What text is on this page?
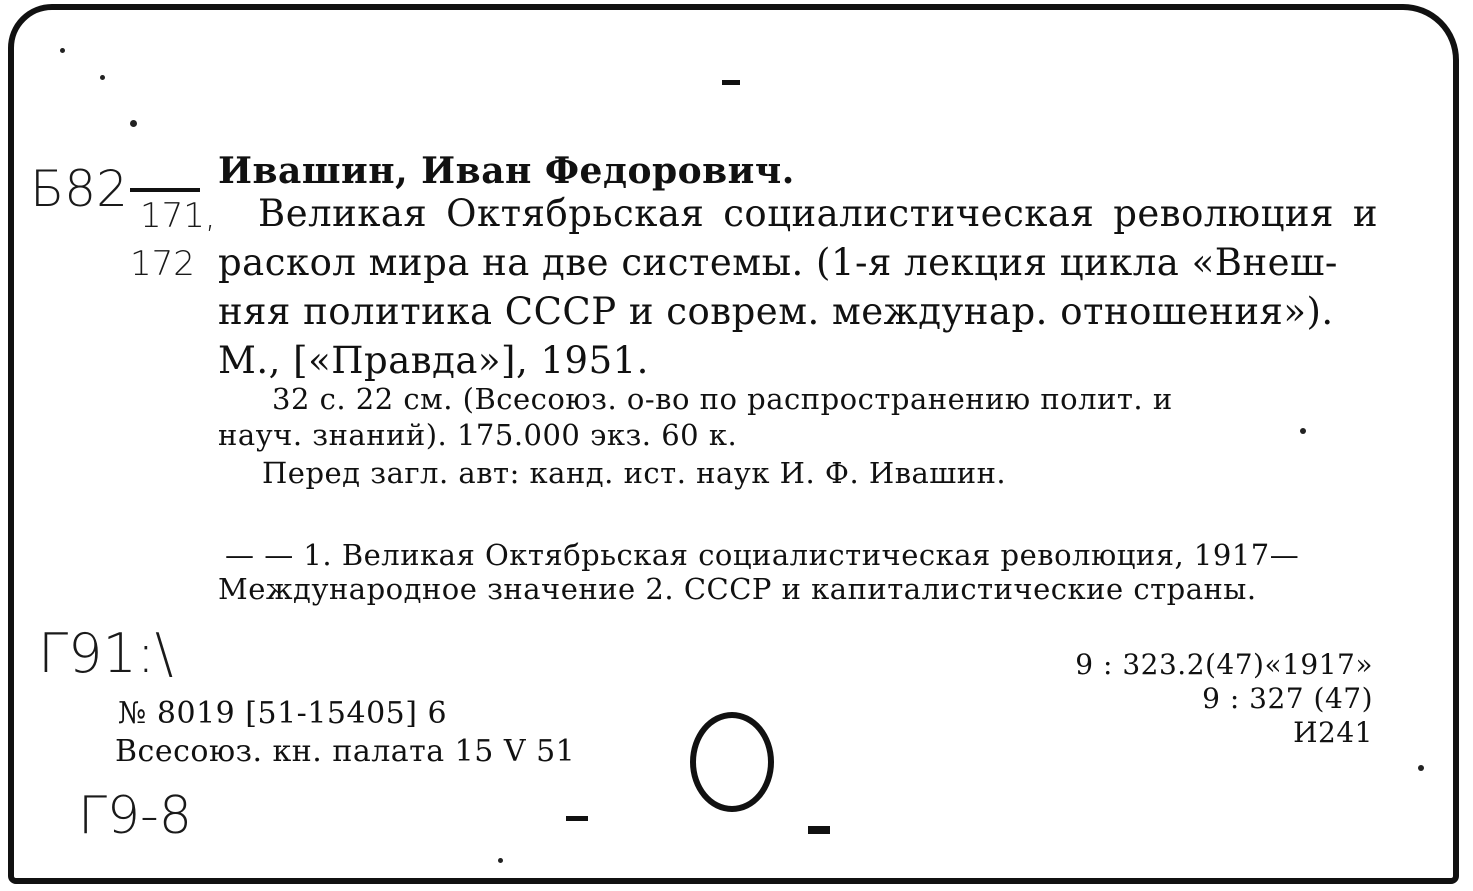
Б82 171,
172
Ивашин, Иван Федорович.
Великая Октябрьская социалистическая революция и
раскол мира на две системы. (1-я лекция цикла «Внеш-
няя политика СССР и соврем. междунар. отношения»).
М., [«Правда»], 1951.
32 с. 22 см. (Всесоюз. о-во по распространению полит. и
науч. знаний). 175.000 экз. 60 к.
Перед загл. авт: канд. ист. наук И. Ф. Ивашин.
— — 1. Великая Октябрьская социалистическая революция, 1917—
Международное значение 2. СССР и капиталистические страны.
Г91:\
№ 8019 [51-15405] 6
Всесоюз. кн. палата 15 V 51
Г9-8
9 : 323.2(47)«1917»
9 : 327 (47)
И241
